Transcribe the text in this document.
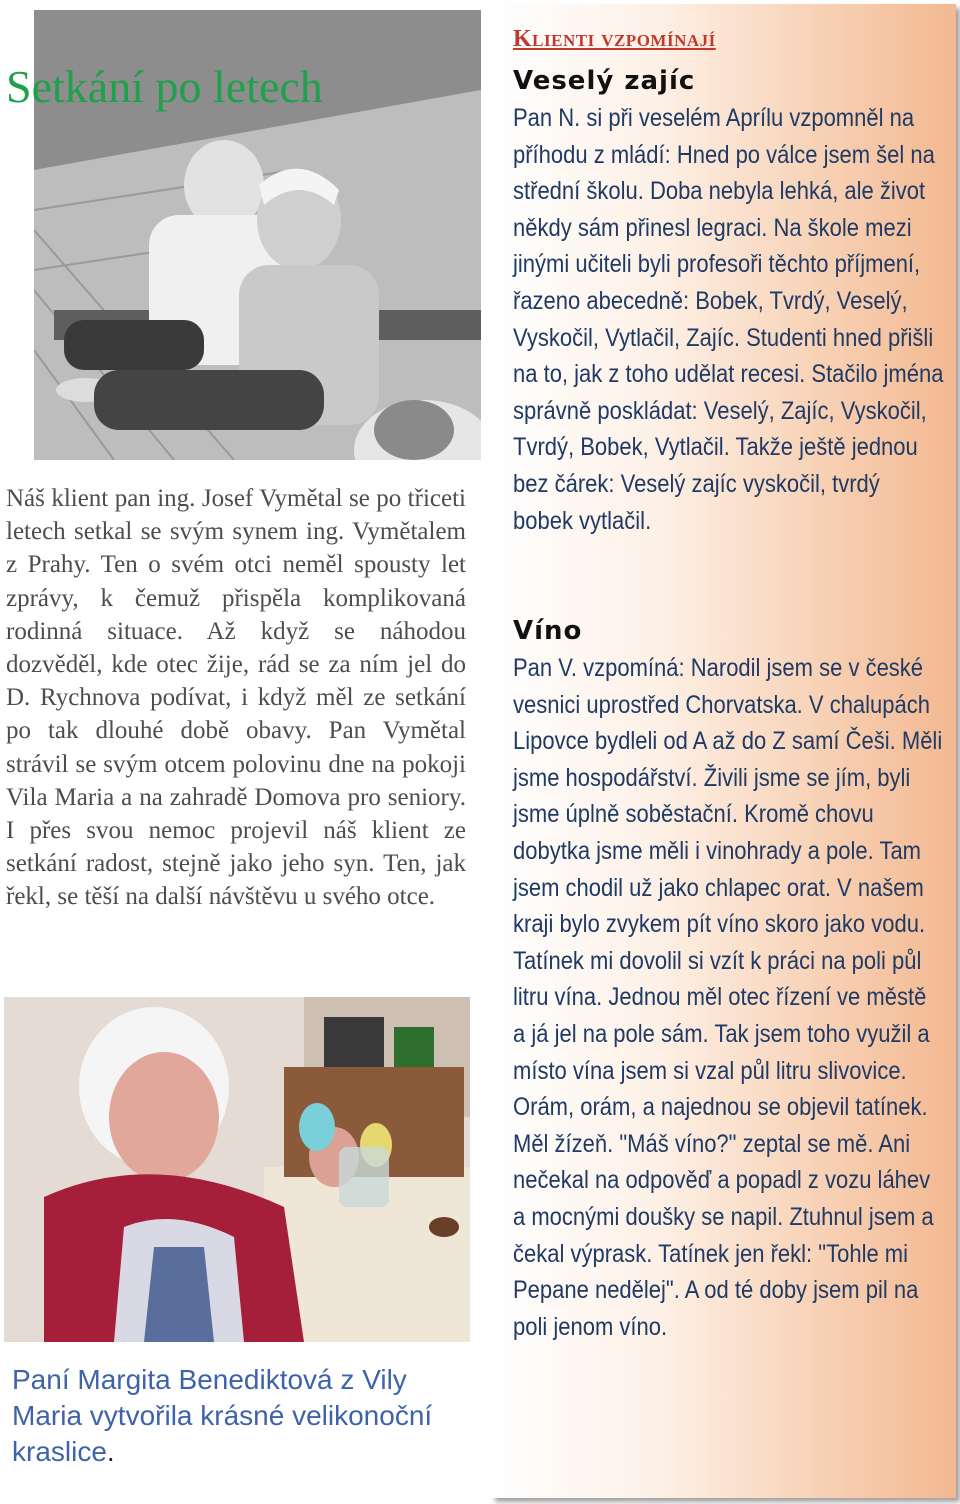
Setkání po letech

Náš klient pan ing. Josef Vymětal se po třiceti letech setkal se svým synem ing. Vymětalem z Prahy. Ten o svém otci neměl spousty let zprávy, k čemuž přispěla komplikovaná rodinná situace. Až když se náhodou dozvěděl, kde otec žije, rád se za ním jel do D. Rychnova podívat, i když měl ze setkání po tak dlouhé době obavy. Pan Vymětal strávil se svým otcem polovinu dne na pokoji Vila Maria a na zahradě Domova pro seniory. I přes svou nemoc projevil náš klient ze setkání radost, stejně jako jeho syn. Ten, jak řekl, se těší na další návštěvu u svého otce.

Paní Margita Benediktová z Vily Maria vytvořila krásné velikonoční kraslice.

Klienti vzpomínají
Veselý zajíc

Pan N. si při veselém Aprílu vzpomněl na příhodu z mládí: Hned po válce jsem šel na střední školu. Doba nebyla lehká, ale život někdy sám přinesl legraci. Na škole mezi jinými učiteli byli profesoři těchto příjmení, řazeno abecedně: Bobek, Tvrdý, Veselý, Vyskočil, Vytlačil, Zajíc. Studenti hned přišli na to, jak z toho udělat recesi. Stačilo jména správně poskládat: Veselý, Zajíc, Vyskočil, Tvrdý, Bobek, Vytlačil. Takže ještě jednou bez čárek: Veselý zajíc vyskočil, tvrdý bobek vytlačil.

Víno

Pan V. vzpomíná: Narodil jsem se v české vesnici uprostřed Chorvatska. V chalupách Lipovce bydleli od A až do Z samí Češi. Měli jsme hospodářství. Živili jsme se jím, byli jsme úplně soběstační. Kromě chovu dobytka jsme měli i vinohrady a pole. Tam jsem chodil už jako chlapec orat. V našem kraji bylo zvykem pít víno skoro jako vodu. Tatínek mi dovolil si vzít k práci na poli půl litru vína. Jednou měl otec řízení ve městě a já jel na pole sám. Tak jsem toho využil a místo vína jsem si vzal půl litru slivovice. Orám, orám, a najednou se objevil tatínek. Měl žízeň. "Máš víno?" zeptal se mě. Ani nečekal na odpověď a popadl z vozu láhev a mocnými doušky se napil. Ztuhnul jsem a čekal výprask. Tatínek jen řekl: "Tohle mi Pepane nedělej". A od té doby jsem pil na poli jenom víno.
